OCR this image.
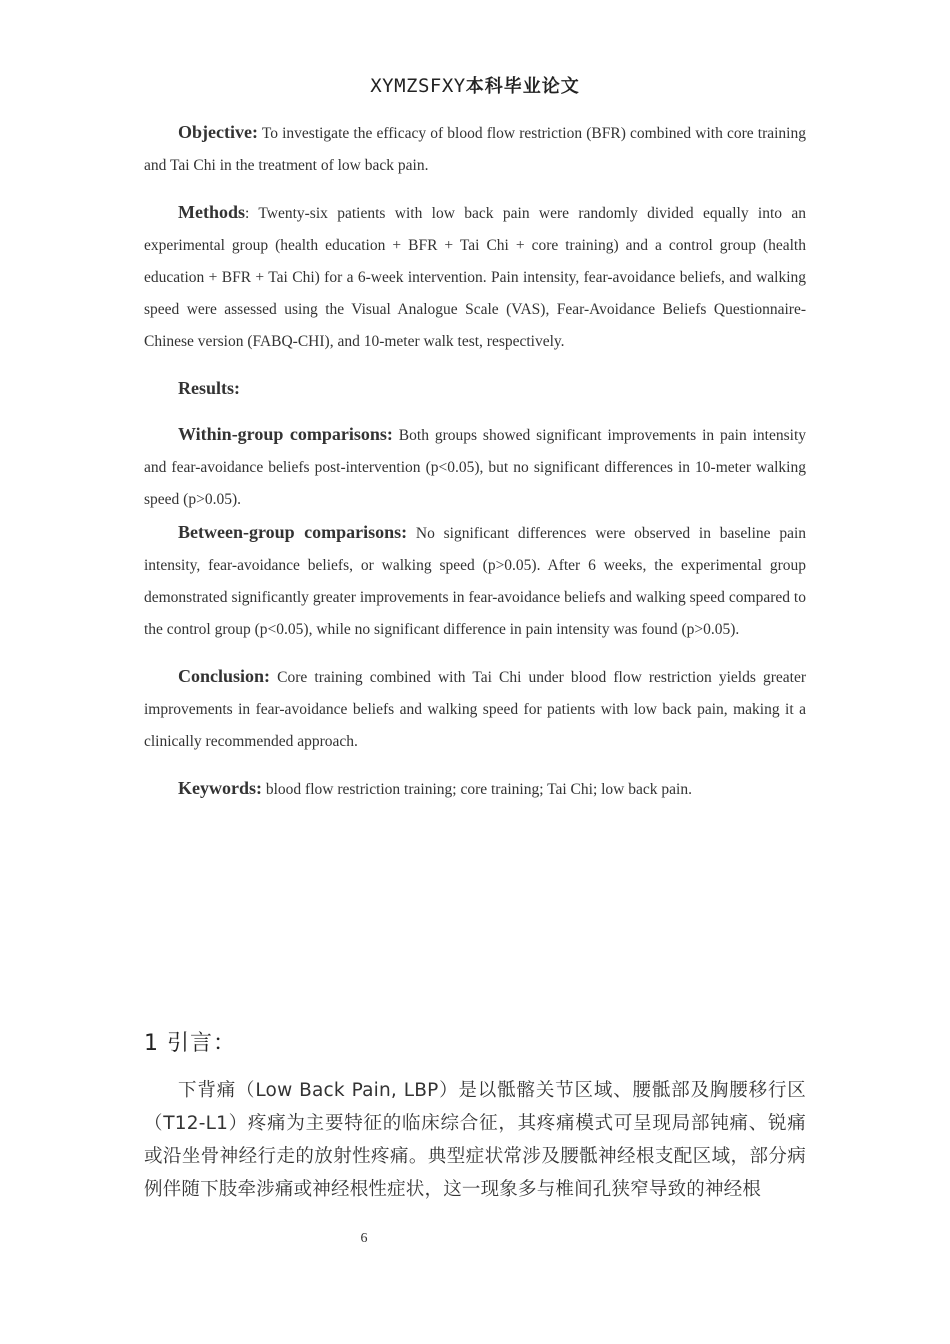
XYMZSFXY本科毕业论文

Objective: To investigate the efficacy of blood flow restriction (BFR) combined with core training and Tai Chi in the treatment of low back pain.

Methods: Twenty-six patients with low back pain were randomly divided equally into an experimental group (health education + BFR + Tai Chi + core training) and a control group (health education + BFR + Tai Chi) for a 6-week intervention. Pain intensity, fear-avoidance beliefs, and walking speed were assessed using the Visual Analogue Scale (VAS), Fear-Avoidance Beliefs Questionnaire-Chinese version (FABQ-CHI), and 10-meter walk test, respectively.

Results:

Within-group comparisons: Both groups showed significant improvements in pain intensity and fear-avoidance beliefs post-intervention (p<0.05), but no significant differences in 10-meter walking speed (p>0.05).

Between-group comparisons: No significant differences were observed in baseline pain intensity, fear-avoidance beliefs, or walking speed (p>0.05). After 6 weeks, the experimental group demonstrated significantly greater improvements in fear-avoidance beliefs and walking speed compared to the control group (p<0.05), while no significant difference in pain intensity was found (p>0.05).

Conclusion: Core training combined with Tai Chi under blood flow restriction yields greater improvements in fear-avoidance beliefs and walking speed for patients with low back pain, making it a clinically recommended approach.

Keywords: blood flow restriction training; core training; Tai Chi; low back pain.

1 引言：

下背痛（Low Back Pain, LBP）是以骶髂关节区域、腰骶部及胸腰移行区（T12-L1）疼痛为主要特征的临床综合征，其疼痛模式可呈现局部钝痛、锐痛或沿坐骨神经行走的放射性疼痛。典型症状常涉及腰骶神经根支配区域，部分病例伴随下肢牵涉痛或神经根性症状，这一现象多与椎间孔狭窄导致的神经根

6
